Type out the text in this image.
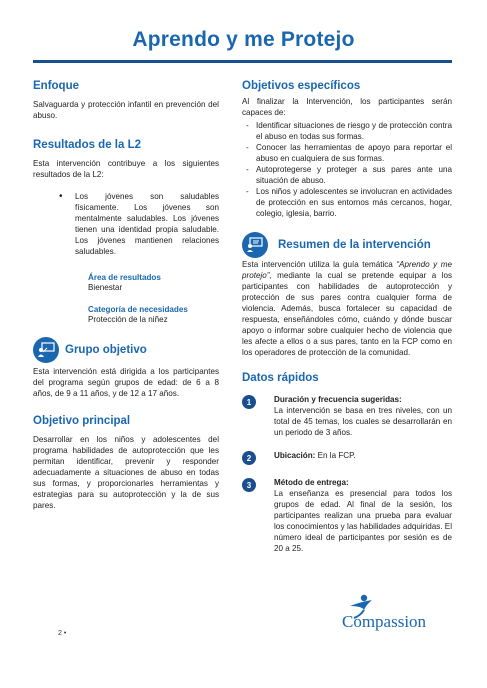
Aprendo y me Protejo
Enfoque

Salvaguarda y protección infantil en prevención del abuso.

Resultados de la L2

Esta intervención contribuye a los siguientes resultados de la L2:

• Los jóvenes son saludables físicamente. Los jóvenes son mentalmente saludables. Los jóvenes tienen una identidad propia saludable. Los jóvenes mantienen relaciones saludables.
Área de resultados

Bienestar

Categoría de necesidades

Protección de la niñez

Grupo objetivo

Esta intervención está dirigida a los participantes del programa según grupos de edad: de 6 a 8 años, de 9 a 11 años, y de 12 a 17 años.

Objetivo principal

Desarrollar en los niños y adolescentes del programa habilidades de autoprotección que les permitan identificar, prevenir y responder adecuadamente a situaciones de abuso en todas sus formas, y proporcionarles herramientas y estrategias para su autoprotección y la de sus pares.

Objetivos específicos

Al finalizar la Intervención, los participantes serán capaces de:

- Identificar situaciones de riesgo y de protección contra el abuso en todas sus formas.
- Conocer las herramientas de apoyo para reportar el abuso en cualquiera de sus formas.
- Autoprotegerse y proteger a sus pares ante una situación de abuso.
- Los niños y adolescentes se involucran en actividades de protección en sus entornos más cercanos, hogar, colegio, iglesia, barrio.
Resumen de la intervención

Esta intervención utiliza la guía temática “Aprendo y me protejo”, mediante la cual se pretende equipar a los participantes con habilidades de autoprotección y protección de sus pares contra cualquier forma de violencia. Además, busca fortalecer su capacidad de respuesta, enseñándoles cómo, cuándo y dónde buscar apoyo o informar sobre cualquier hecho de violencia que les afecte a ellos o a sus pares, tanto en la FCP como en los operadores de protección de la comunidad.

Datos rápidos
1	Duración y frecuencia sugeridas:

La intervención se basa en tres niveles, con un total de 45 temas, los cuales se desarrollarán en un periodo de 3 años.

2	Ubicación: En la FCP.

3	Método de entrega:

La enseñanza es presencial para todos los grupos de edad. Al final de la sesión, los participantes realizan una prueba para evaluar los conocimientos y las habilidades adquiridas. El número ideal de participantes por sesión es de 20 a 25.

2 •
Compassion
